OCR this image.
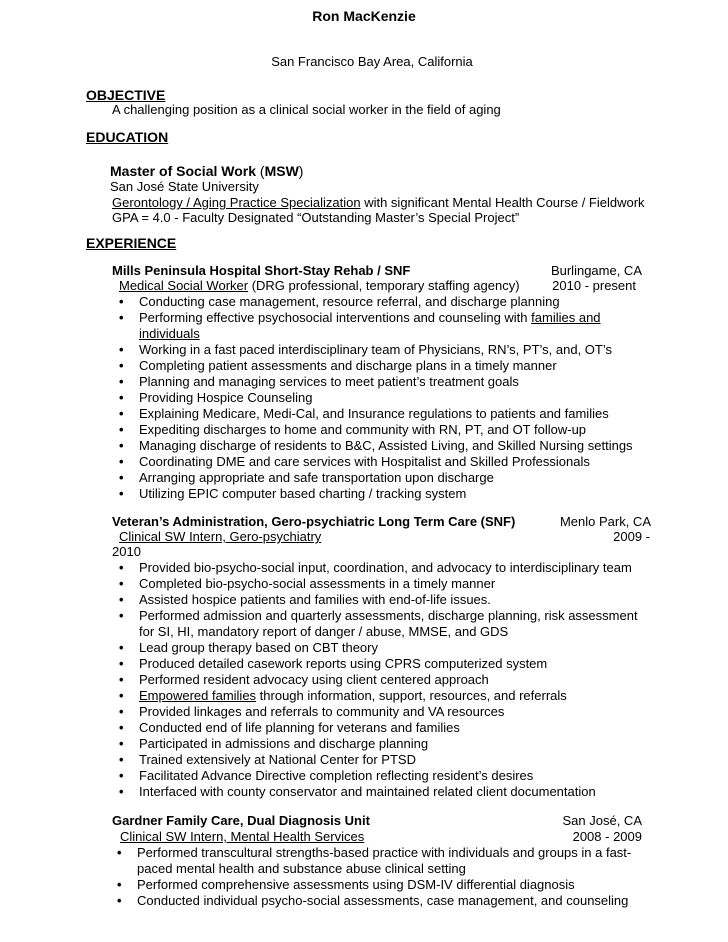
Ron MacKenzie
San Francisco Bay Area, California
OBJECTIVE
A challenging position as a clinical social worker in the field of aging
EDUCATION
Master of Social Work (MSW)
San José State University
Gerontology / Aging Practice Specialization with significant Mental Health Course / Fieldwork
GPA = 4.0 - Faculty Designated “Outstanding Master’s Special Project”
EXPERIENCE
Mills Peninsula Hospital Short-Stay Rehab / SNF	Burlingame, CA
Medical Social Worker (DRG professional, temporary staffing agency)	2010 - present
• Conducting case management, resource referral, and discharge planning
• Performing effective psychosocial interventions and counseling with families and
individuals
• Working in a fast paced interdisciplinary team of Physicians, RN’s, PT’s, and, OT’s
• Completing patient assessments and discharge plans in a timely manner
• Planning and managing services to meet patient’s treatment goals
• Providing Hospice Counseling
• Explaining Medicare, Medi-Cal, and Insurance regulations to patients and families
• Expediting discharges to home and community with RN, PT, and OT follow-up
• Managing discharge of residents to B&C, Assisted Living, and Skilled Nursing settings
• Coordinating DME and care services with Hospitalist and Skilled Professionals
• Arranging appropriate and safe transportation upon discharge
• Utilizing EPIC computer based charting / tracking system
Veteran’s Administration, Gero-psychiatric Long Term Care (SNF)	Menlo Park, CA
Clinical SW Intern, Gero-psychiatry	2009 -
2010
• Provided bio-psycho-social input, coordination, and advocacy to interdisciplinary team
• Completed bio-psycho-social assessments in a timely manner
• Assisted hospice patients and families with end-of-life issues.
• Performed admission and quarterly assessments, discharge planning, risk assessment
for SI, HI, mandatory report of danger / abuse, MMSE, and GDS
• Lead group therapy based on CBT theory
• Produced detailed casework reports using CPRS computerized system
• Performed resident advocacy using client centered approach
• Empowered families through information, support, resources, and referrals
• Provided linkages and referrals to community and VA resources
• Conducted end of life planning for veterans and families
• Participated in admissions and discharge planning
• Trained extensively at National Center for PTSD
• Facilitated Advance Directive completion reflecting resident’s desires
• Interfaced with county conservator and maintained related client documentation
Gardner Family Care, Dual Diagnosis Unit	San José, CA
Clinical SW Intern, Mental Health Services	2008 - 2009
• Performed transcultural strengths-based practice with individuals and groups in a fast-
paced mental health and substance abuse clinical setting
• Performed comprehensive assessments using DSM-IV differential diagnosis
• Conducted individual psycho-social assessments, case management, and counseling
